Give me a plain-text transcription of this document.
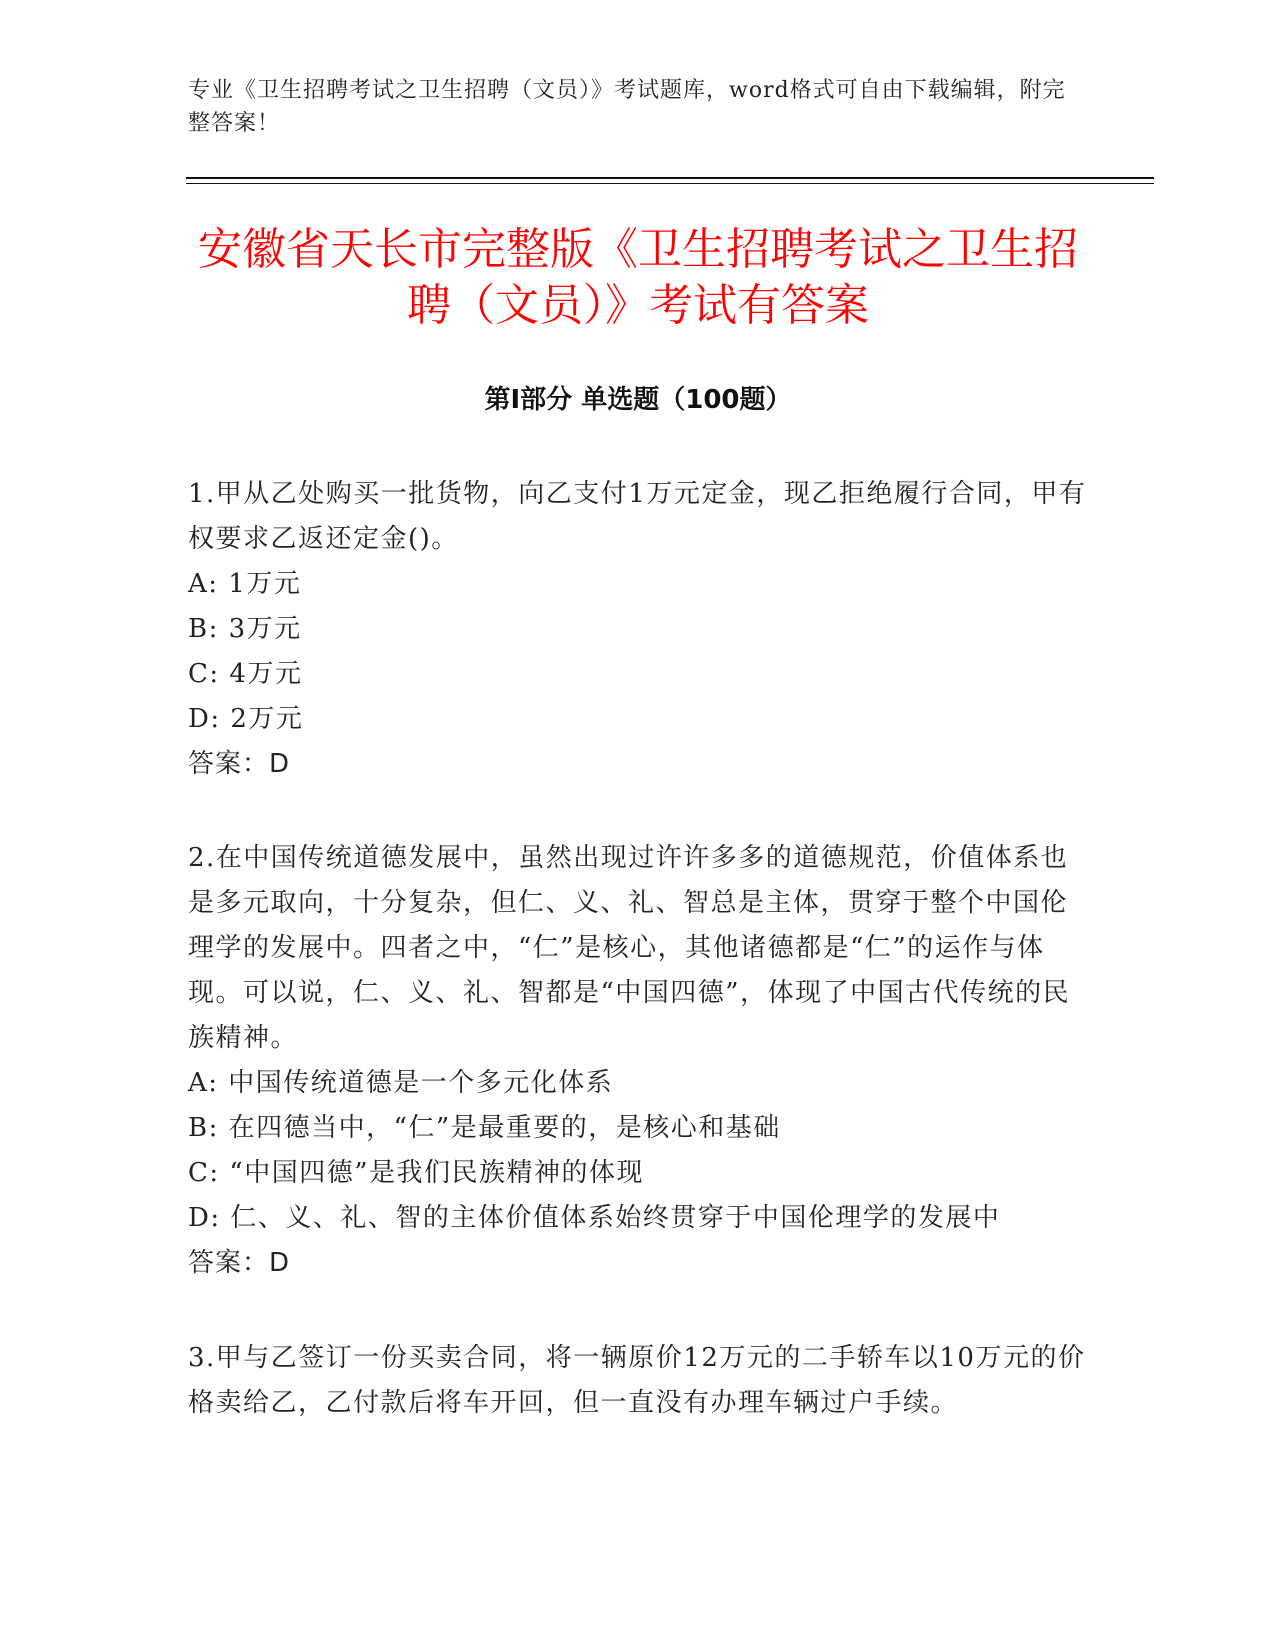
专业《卫生招聘考试之卫生招聘（文员）》考试题库，word格式可自由下载编辑，附完整答案！
安徽省天长市完整版《卫生招聘考试之卫生招聘（文员）》考试有答案
第Ⅰ部分 单选题（100题）
1.甲从乙处购买一批货物，向乙支付1万元定金，现乙拒绝履行合同，甲有权要求乙返还定金()。
A: 1万元
B: 3万元
C: 4万元
D: 2万元
答案：D
2.在中国传统道德发展中，虽然出现过许许多多的道德规范，价值体系也是多元取向，十分复杂，但仁、义、礼、智总是主体，贯穿于整个中国伦理学的发展中。四者之中，“仁”是核心，其他诸德都是“仁”的运作与体现。可以说，仁、义、礼、智都是“中国四德”，体现了中国古代传统的民族精神。
A: 中国传统道德是一个多元化体系
B: 在四德当中，“仁”是最重要的，是核心和基础
C: “中国四德”是我们民族精神的体现
D: 仁、义、礼、智的主体价值体系始终贯穿于中国伦理学的发展中
答案：D
3.甲与乙签订一份买卖合同，将一辆原价12万元的二手轿车以10万元的价格卖给乙，乙付款后将车开回，但一直没有办理车辆过户手续。
